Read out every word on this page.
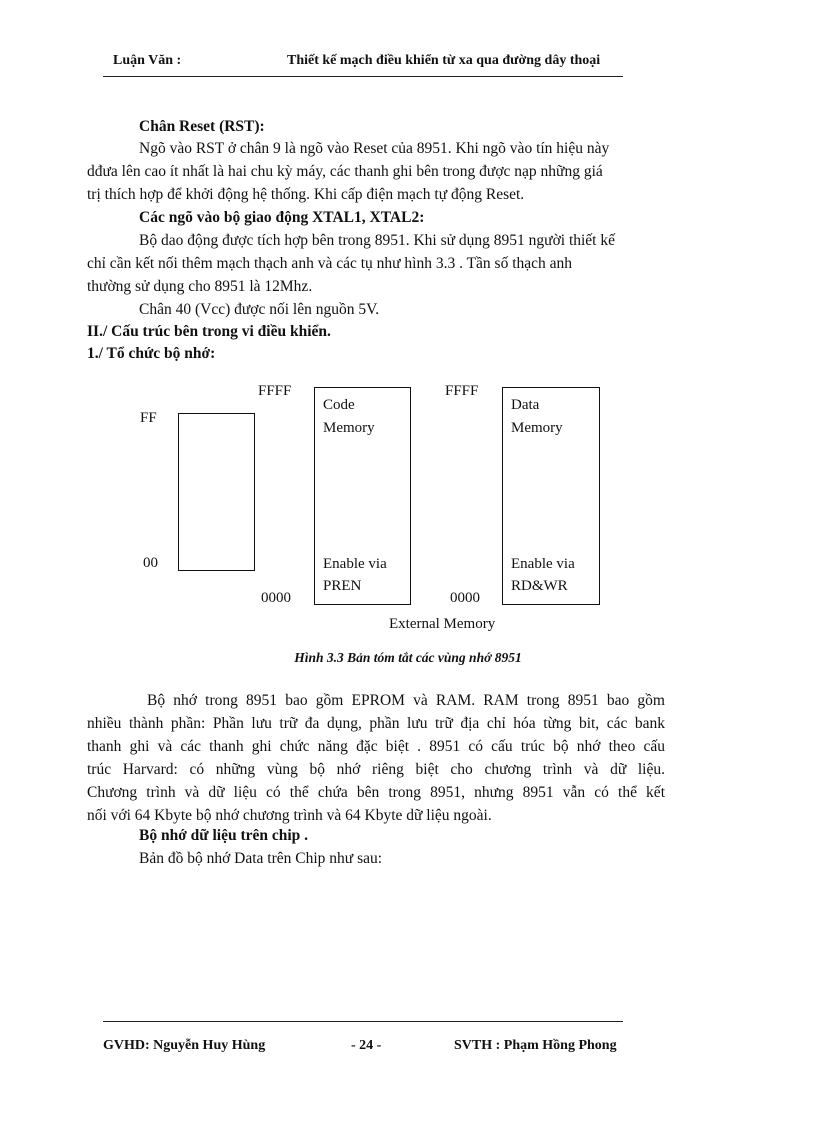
Luận Văn :	Thiết kế mạch điều khiển từ xa qua đường dây thoại
Chân Reset (RST):
Ngõ vào RST ở chân 9 là ngõ vào Reset của 8951. Khi ngõ vào tín hiệu này
dđưa lên cao ít nhất là hai chu kỳ máy, các thanh ghi bên trong được nạp những giá
trị thích hợp để khởi động hệ thống. Khi cấp điện mạch tự động Reset.
Các ngõ vào bộ giao động XTAL1, XTAL2:
Bộ dao động được tích hợp bên trong 8951. Khi sử dụng 8951 người thiết kế
chỉ cần kết nối thêm mạch thạch anh và các tụ như hình 3.3 . Tần số thạch anh
thường sử dụng cho 8951 là 12Mhz.
Chân 40 (Vcc) được nối lên nguồn 5V.
II./ Cấu trúc bên trong vi điều khiển.
1./ Tổ chức bộ nhớ:
FF
00
FFFF
Code
Memory
Enable via
PREN
0000
FFFF
Data
Memory
Enable via
RD&WR
0000
External Memory
Hình 3.3 Bản tóm tắt các vùng nhớ 8951
Bộ nhớ trong 8951 bao gồm EPROM và RAM. RAM trong 8951 bao gồm
nhiều thành phần: Phần lưu trữ đa dụng, phần lưu trữ địa chỉ hóa từng bit, các bank
thanh ghi và các thanh ghi chức năng đặc biệt . 8951 có cấu trúc bộ nhớ theo cấu
trúc Harvard: có những vùng bộ nhớ riêng biệt cho chương trình và dữ liệu.
Chương trình và dữ liệu có thể chứa bên trong 8951, nhưng 8951 vẫn có thể kết
nối với 64 Kbyte bộ nhớ chương trình và 64 Kbyte dữ liệu ngoài.
Bộ nhớ dữ liệu trên chip .
Bản đồ bộ nhớ Data trên Chip như sau:
GVHD: Nguyễn Huy Hùng	- 24 -	SVTH : Phạm Hồng Phong
